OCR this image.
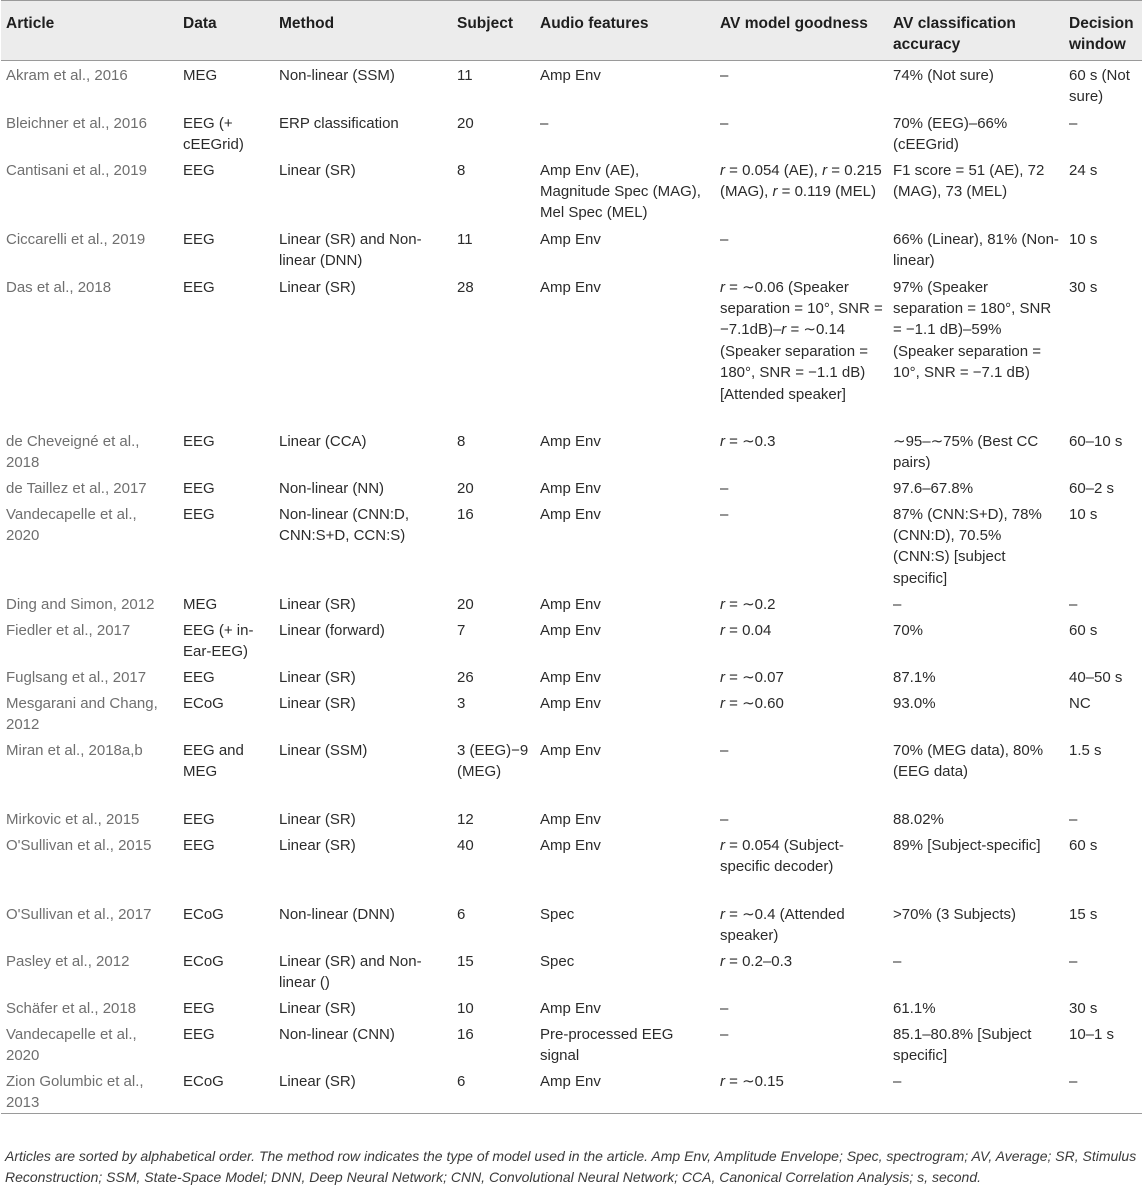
Article	Data	Method	Subject	Audio features	AV model goodness	AV classification accuracy	Decision window
Akram et al., 2016	MEG	Non-linear (SSM)	11	Amp Env	–	74% (Not sure)	60 s (Not sure)
Bleichner et al., 2016	EEG (+ cEEGrid)	ERP classification	20	–	–	70% (EEG)–66% (cEEGrid)	–
Cantisani et al., 2019	EEG	Linear (SR)	8	Amp Env (AE), Magnitude Spec (MAG), Mel Spec (MEL)	r = 0.054 (AE), r = 0.215 (MAG), r = 0.119 (MEL)	F1 score = 51 (AE), 72 (MAG), 73 (MEL)	24 s
Ciccarelli et al., 2019	EEG	Linear (SR) and Non-linear (DNN)	11	Amp Env	–	66% (Linear), 81% (Non-linear)	10 s
Das et al., 2018	EEG	Linear (SR)	28	Amp Env	r = ∼0.06 (Speaker separation = 10°, SNR = −7.1dB)–r = ∼0.14 (Speaker separation = 180°, SNR = −1.1 dB) [Attended speaker]	97% (Speaker separation = 180°, SNR = −1.1 dB)–59% (Speaker separation = 10°, SNR = −7.1 dB)	30 s
de Cheveigné et al., 2018	EEG	Linear (CCA)	8	Amp Env	r = ∼0.3	∼95–∼75% (Best CC pairs)	60–10 s
de Taillez et al., 2017	EEG	Non-linear (NN)	20	Amp Env	–	97.6–67.8%	60–2 s
Vandecapelle et al., 2020	EEG	Non-linear (CNN:D, CNN:S+D, CCN:S)	16	Amp Env	–	87% (CNN:S+D), 78% (CNN:D), 70.5% (CNN:S) [subject specific]	10 s
Ding and Simon, 2012	MEG	Linear (SR)	20	Amp Env	r = ∼0.2	–	–
Fiedler et al., 2017	EEG (+ in-Ear-EEG)	Linear (forward)	7	Amp Env	r = 0.04	70%	60 s
Fuglsang et al., 2017	EEG	Linear (SR)	26	Amp Env	r = ∼0.07	87.1%	40–50 s
Mesgarani and Chang, 2012	ECoG	Linear (SR)	3	Amp Env	r = ∼0.60	93.0%	NC
Miran et al., 2018a,b	EEG and MEG	Linear (SSM)	3 (EEG)−9 (MEG)	Amp Env	–	70% (MEG data), 80% (EEG data)	1.5 s
Mirkovic et al., 2015	EEG	Linear (SR)	12	Amp Env	–	88.02%	–
O'Sullivan et al., 2015	EEG	Linear (SR)	40	Amp Env	r = 0.054 (Subject-specific decoder)	89% [Subject-specific]	60 s
O'Sullivan et al., 2017	ECoG	Non-linear (DNN)	6	Spec	r = ∼0.4 (Attended speaker)	>70% (3 Subjects)	15 s
Pasley et al., 2012	ECoG	Linear (SR) and Non-linear ()	15	Spec	r = 0.2–0.3	–	–
Schäfer et al., 2018	EEG	Linear (SR)	10	Amp Env	–	61.1%	30 s
Vandecapelle et al., 2020	EEG	Non-linear (CNN)	16	Pre-processed EEG signal	–	85.1–80.8% [Subject specific]	10–1 s
Zion Golumbic et al., 2013	ECoG	Linear (SR)	6	Amp Env	r = ∼0.15	–	–
Articles are sorted by alphabetical order. The method row indicates the type of model used in the article. Amp Env, Amplitude Envelope; Spec, spectrogram; AV, Average; SR, Stimulus Reconstruction; SSM, State-Space Model; DNN, Deep Neural Network; CNN, Convolutional Neural Network; CCA, Canonical Correlation Analysis; s, second.
